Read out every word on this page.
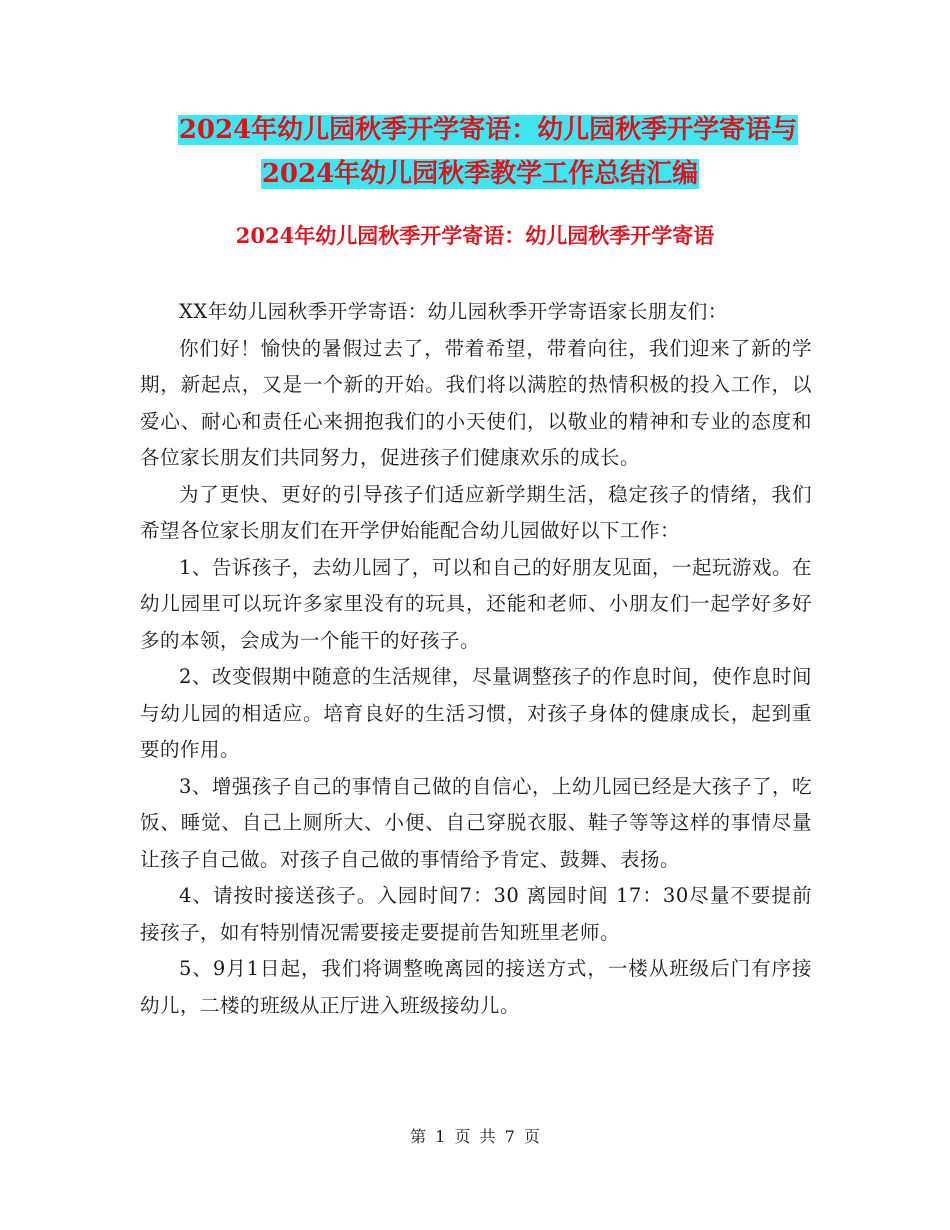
2024年幼儿园秋季开学寄语：幼儿园秋季开学寄语与
2024年幼儿园秋季教学工作总结汇编
2024年幼儿园秋季开学寄语：幼儿园秋季开学寄语

XX年幼儿园秋季开学寄语：幼儿园秋季开学寄语家长朋友们：

你们好！愉快的暑假过去了，带着希望，带着向往，我们迎来了新的学期，新起点，又是一个新的开始。我们将以满腔的热情积极的投入工作，以爱心、耐心和责任心来拥抱我们的小天使们，以敬业的精神和专业的态度和各位家长朋友们共同努力，促进孩子们健康欢乐的成长。

为了更快、更好的引导孩子们适应新学期生活，稳定孩子的情绪，我们希望各位家长朋友们在开学伊始能配合幼儿园做好以下工作：

1、告诉孩子，去幼儿园了，可以和自己的好朋友见面，一起玩游戏。在幼儿园里可以玩许多家里没有的玩具，还能和老师、小朋友们一起学好多好多的本领，会成为一个能干的好孩子。

2、改变假期中随意的生活规律，尽量调整孩子的作息时间，使作息时间与幼儿园的相适应。培育良好的生活习惯，对孩子身体的健康成长，起到重要的作用。

3、增强孩子自己的事情自己做的自信心，上幼儿园已经是大孩子了，吃饭、睡觉、自己上厕所大、小便、自己穿脱衣服、鞋子等等这样的事情尽量让孩子自己做。对孩子自己做的事情给予肯定、鼓舞、表扬。

4、请按时接送孩子。入园时间7：30 离园时间 17：30尽量不要提前接孩子，如有特别情况需要接走要提前告知班里老师。

5、9月1日起，我们将调整晚离园的接送方式，一楼从班级后门有序接幼儿，二楼的班级从正厅进入班级接幼儿。

第 1 页 共 7 页
